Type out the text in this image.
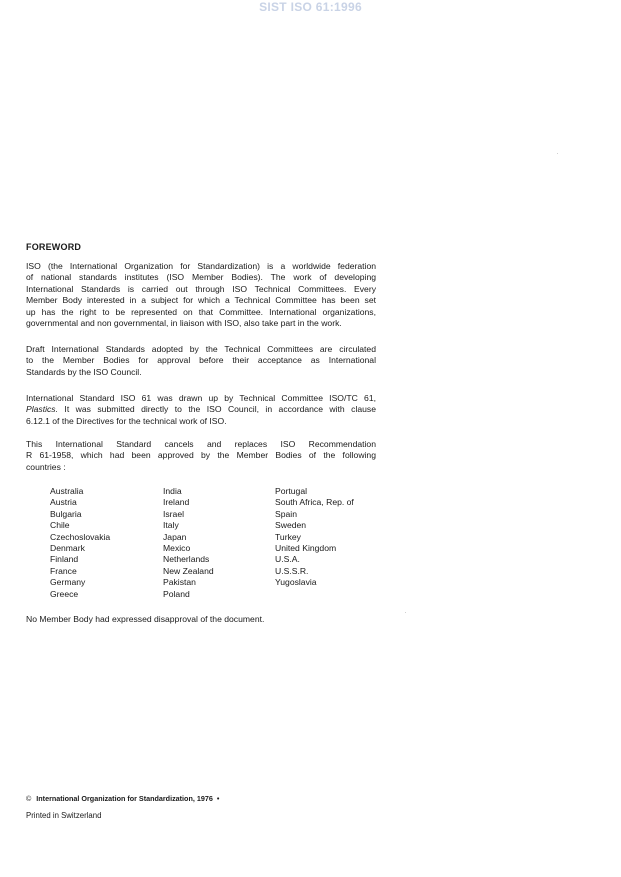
SIST ISO 61:1996
FOREWORD

ISO (the International Organization for Standardization) is a worldwide federation
of national standards institutes (ISO Member Bodies). The work of developing
International Standards is carried out through ISO Technical Committees. Every
Member Body interested in a subject for which a Technical Committee has been set
up has the right to be represented on that Committee. International organizations,
governmental and non governmental, in liaison with ISO, also take part in the work.

Draft International Standards adopted by the Technical Committees are circulated
to the Member Bodies for approval before their acceptance as International
Standards by the ISO Council.

International Standard ISO 61 was drawn up by Technical Committee ISO/TC 61,
Plastics. It was submitted directly to the ISO Council, in accordance with clause
6.12.1 of the Directives for the technical work of ISO.

This International Standard cancels and replaces ISO Recommendation
R 61-1958, which had been approved by the Member Bodies of the following
countries :

Australia
Austria
Bulgaria
Chile
Czechoslovakia
Denmark
Finland
France
Germany
Greece
India
Ireland
Israel
Italy
Japan
Mexico
Netherlands
New Zealand
Pakistan
Poland
Portugal
South Africa, Rep. of
Spain
Sweden
Turkey
United Kingdom
U.S.A.
U.S.S.R.
Yugoslavia
No Member Body had expressed disapproval of the document.
© International Organization for Standardization, 1976 •
Printed in Switzerland
